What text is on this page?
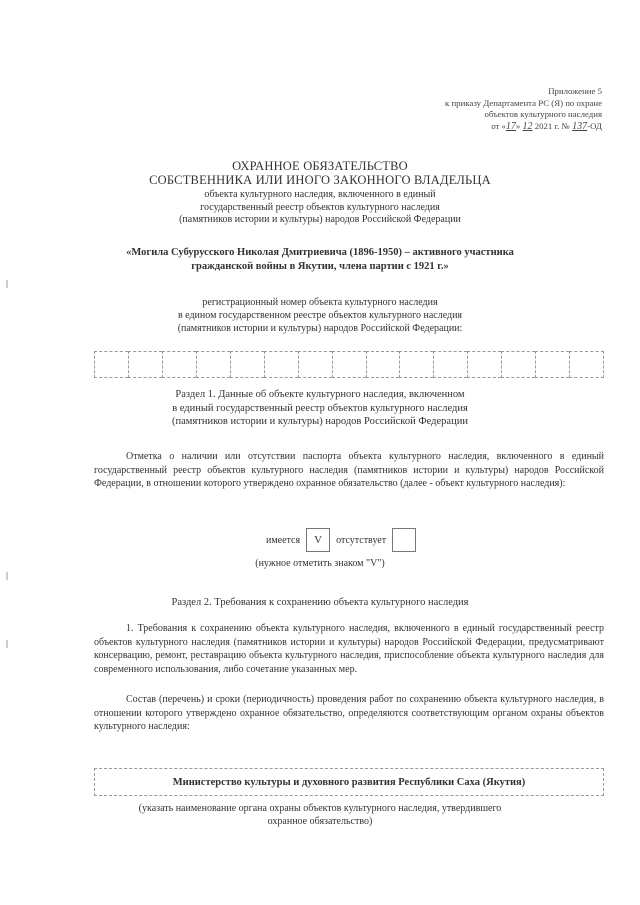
Приложение 5
к приказу Департамента РС (Я) по охране
объектов культурного наследия
от «17» 12 2021 г. № 137-ОД
ОХРАННОЕ ОБЯЗАТЕЛЬСТВО
СОБСТВЕННИКА ИЛИ ИНОГО ЗАКОННОГО ВЛАДЕЛЬЦА
объекта культурного наследия, включенного в единый
государственный реестр объектов культурного наследия
(памятников истории и культуры) народов Российской Федерации
«Могила Субурусского Николая Дмитриевича (1896-1950) – активного участника
гражданской войны в Якутии, члена партии с 1921 г.»
регистрационный номер объекта культурного наследия
в едином государственном реестре объектов культурного наследия
(памятников истории и культуры) народов Российской Федерации:
Раздел 1. Данные об объекте культурного наследия, включенном
в единый государственный реестр объектов культурного наследия
(памятников истории и культуры) народов Российской Федерации
Отметка о наличии или отсутствии паспорта объекта культурного наследия, включенного в единый государственный реестр объектов культурного наследия (памятников истории и культуры) народов Российской Федерации, в отношении которого утверждено охранное обязательство (далее - объект культурного наследия):
имеется	V	отсутствует
(нужное отметить знаком "V")
Раздел 2. Требования к сохранению объекта культурного наследия
1. Требования к сохранению объекта культурного наследия, включенного в единый государственный реестр объектов культурного наследия (памятников истории и культуры) народов Российской Федерации, предусматривают консервацию, ремонт, реставрацию объекта культурного наследия, приспособление объекта культурного наследия для современного использования, либо сочетание указанных мер.
Состав (перечень) и сроки (периодичность) проведения работ по сохранению объекта культурного наследия, в отношении которого утверждено охранное обязательство, определяются соответствующим органом охраны объектов культурного наследия:
Министерство культуры и духовного развития Республики Саха (Якутия)
(указать наименование органа охраны объектов культурного наследия, утвердившего
охранное обязательство)
